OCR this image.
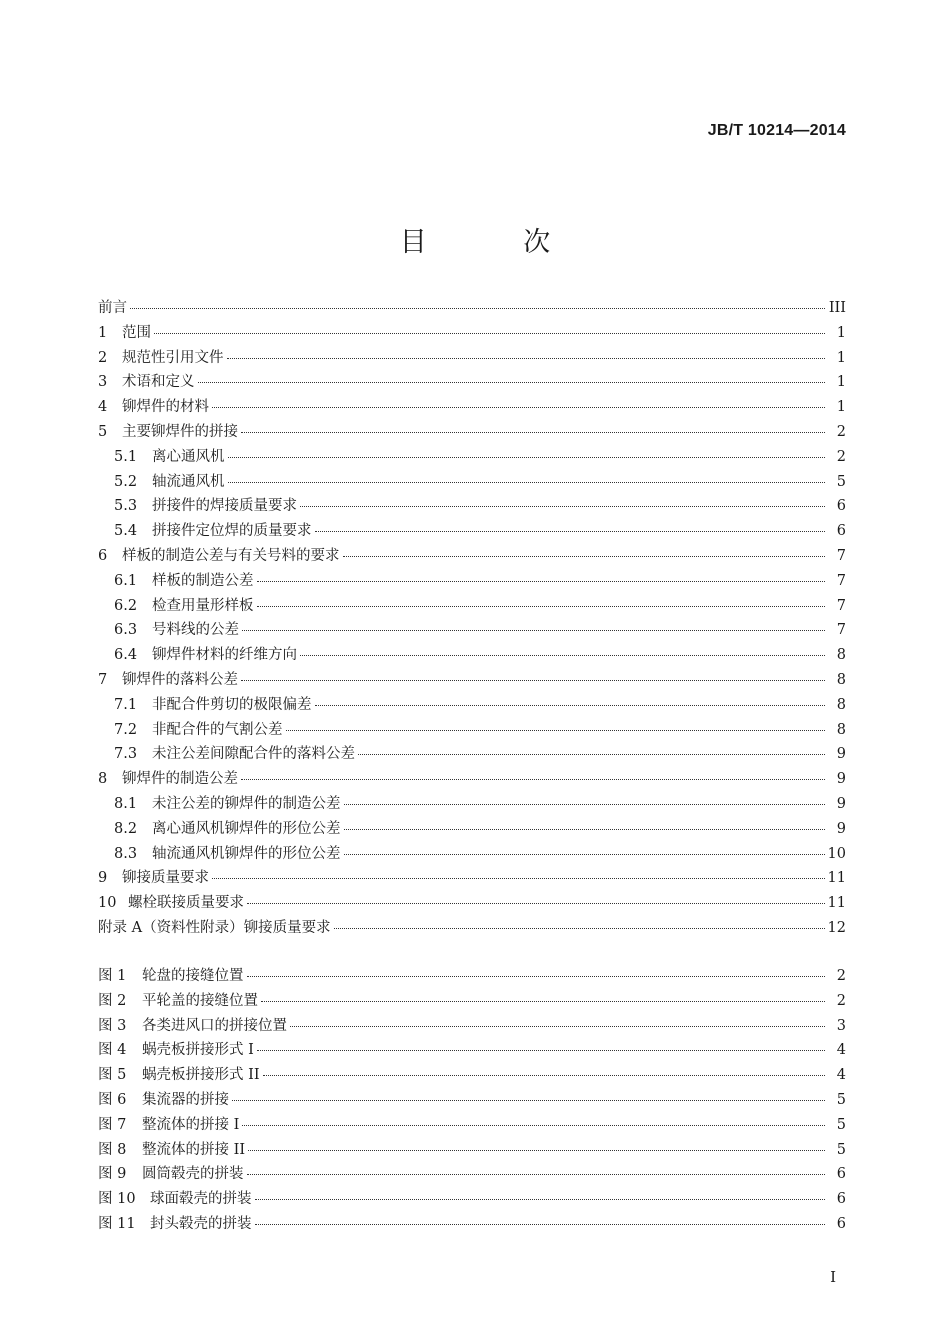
JB/T 10214—2014
目 次
前言	III
1	范围	1
2	规范性引用文件	1
3	术语和定义	1
4	铆焊件的材料	1
5	主要铆焊件的拼接	2
5.1	离心通风机	2
5.2	轴流通风机	5
5.3	拼接件的焊接质量要求	6
5.4	拼接件定位焊的质量要求	6
6	样板的制造公差与有关号料的要求	7
6.1	样板的制造公差	7
6.2	检查用量形样板	7
6.3	号料线的公差	7
6.4	铆焊件材料的纤维方向	8
7	铆焊件的落料公差	8
7.1	非配合件剪切的极限偏差	8
7.2	非配合件的气割公差	8
7.3	未注公差间隙配合件的落料公差	9
8	铆焊件的制造公差	9
8.1	未注公差的铆焊件的制造公差	9
8.2	离心通风机铆焊件的形位公差	9
8.3	轴流通风机铆焊件的形位公差	10
9	铆接质量要求	11
10 螺栓联接质量要求	11
附录 A（资料性附录）铆接质量要求	12
图 1	轮盘的接缝位置	2
图 2	平轮盖的接缝位置	2
图 3	各类进风口的拼接位置	3
图 4	蜗壳板拼接形式 I	4
图 5	蜗壳板拼接形式 II	4
图 6	集流器的拼接	5
图 7	整流体的拼接 I	5
图 8	整流体的拼接 II	5
图 9	圆筒毂壳的拼装	6
图 10 球面毂壳的拼装	6
图 11 封头毂壳的拼装	6
I
